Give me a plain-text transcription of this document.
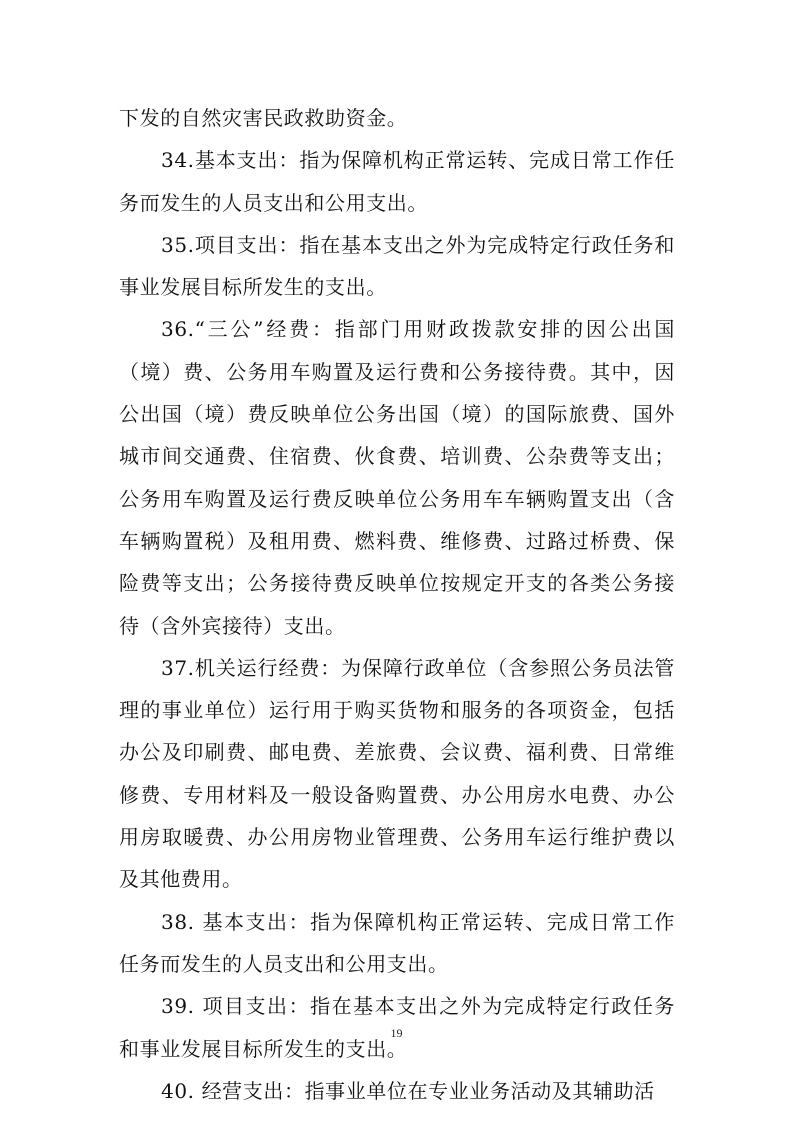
下发的自然灾害民政救助资金。

34.基本支出：指为保障机构正常运转、完成日常工作任务而发生的人员支出和公用支出。

35.项目支出：指在基本支出之外为完成特定行政任务和事业发展目标所发生的支出。

36.“三公”经费：指部门用财政拨款安排的因公出国（境）费、公务用车购置及运行费和公务接待费。其中，因公出国（境）费反映单位公务出国（境）的国际旅费、国外城市间交通费、住宿费、伙食费、培训费、公杂费等支出；公务用车购置及运行费反映单位公务用车车辆购置支出（含车辆购置税）及租用费、燃料费、维修费、过路过桥费、保险费等支出；公务接待费反映单位按规定开支的各类公务接待（含外宾接待）支出。

37.机关运行经费：为保障行政单位（含参照公务员法管理的事业单位）运行用于购买货物和服务的各项资金，包括办公及印刷费、邮电费、差旅费、会议费、福利费、日常维修费、专用材料及一般设备购置费、办公用房水电费、办公用房取暖费、办公用房物业管理费、公务用车运行维护费以及其他费用。

38. 基本支出：指为保障机构正常运转、完成日常工作任务而发生的人员支出和公用支出。

39. 项目支出：指在基本支出之外为完成特定行政任务和事业发展目标所发生的支出。

40. 经营支出：指事业单位在专业业务活动及其辅助活

19
